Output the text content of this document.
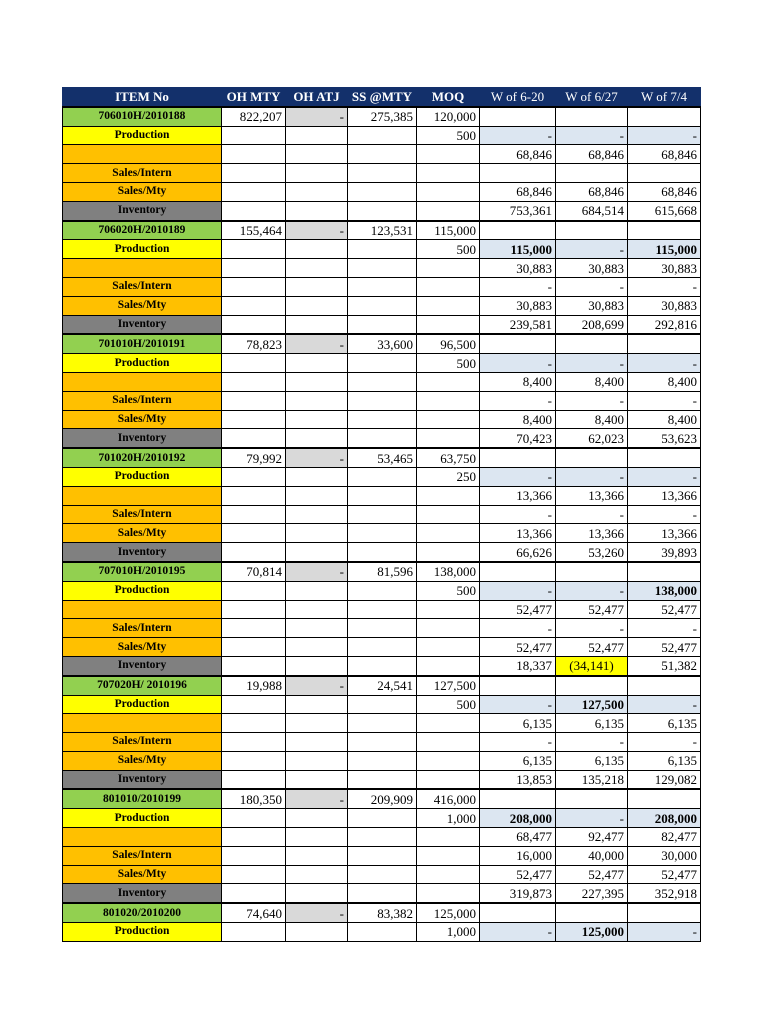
ITEM No	OH MTY	OH ATJ	SS @MTY	MOQ	W of 6-20	W of 6/27	W of 7/4
706010H/2010188	822,207	-	275,385	120,000			
Production				500	-	-	-
					68,846	68,846	68,846
Sales/Intern							
Sales/Mty					68,846	68,846	68,846
Inventory					753,361	684,514	615,668
706020H/2010189	155,464	-	123,531	115,000			
Production				500	115,000	-	115,000
					30,883	30,883	30,883
Sales/Intern					-	-	-
Sales/Mty					30,883	30,883	30,883
Inventory					239,581	208,699	292,816
701010H/2010191	78,823	-	33,600	96,500			
Production				500	-	-	-
					8,400	8,400	8,400
Sales/Intern					-	-	-
Sales/Mty					8,400	8,400	8,400
Inventory					70,423	62,023	53,623
701020H/2010192	79,992	-	53,465	63,750			
Production				250	-	-	-
					13,366	13,366	13,366
Sales/Intern					-	-	-
Sales/Mty					13,366	13,366	13,366
Inventory					66,626	53,260	39,893
707010H/2010195	70,814	-	81,596	138,000			
Production				500	-	-	138,000
					52,477	52,477	52,477
Sales/Intern					-	-	-
Sales/Mty					52,477	52,477	52,477
Inventory					18,337	(34,141)	51,382
707020H/ 2010196	19,988	-	24,541	127,500			
Production				500	-	127,500	-
					6,135	6,135	6,135
Sales/Intern					-	-	-
Sales/Mty					6,135	6,135	6,135
Inventory					13,853	135,218	129,082
801010/2010199	180,350	-	209,909	416,000			
Production				1,000	208,000	-	208,000
					68,477	92,477	82,477
Sales/Intern					16,000	40,000	30,000
Sales/Mty					52,477	52,477	52,477
Inventory					319,873	227,395	352,918
801020/2010200	74,640	-	83,382	125,000			
Production				1,000	-	125,000	-
